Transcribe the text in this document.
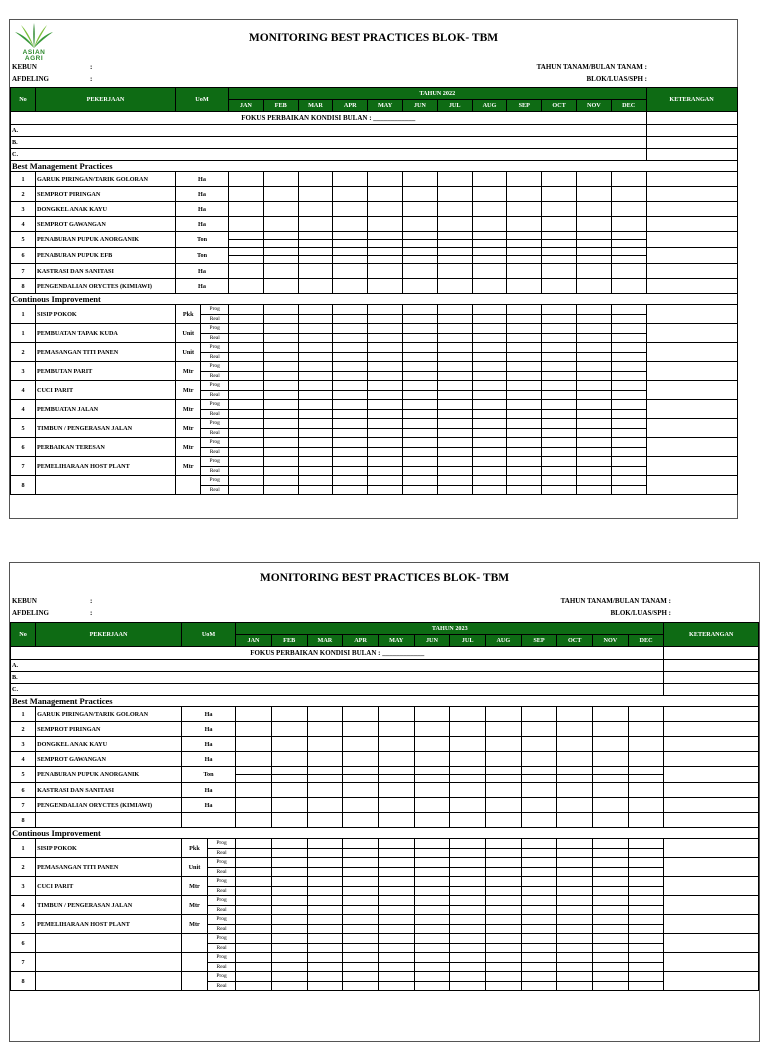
ASIAN
AGRI
MONITORING BEST PRACTICES BLOK- TBM
KEBUN	:
AFDELING	:
TAHUN TANAM/BULAN TANAM :
BLOK/LUAS/SPH :
No	PEKERJAAN	UoM	TAHUN 2022												KETERANGAN
			JAN	FEB	MAR	APR	MAY	JUN	JUL	AUG	SEP	OCT	NOV	DEC	
FOKUS PERBAIKAN KONDISI BULAN : ____________															
A.															
B.															
C.															
Best Management Practices															
1	GARUK PIRINGAN/TARIK GOLORAN	Ha													
2	SEMPROT PIRINGAN	Ha													
3	DONGKEL ANAK KAYU	Ha													
4	SEMPROT GAWANGAN	Ha													
5	PENABURAN PUPUK ANORGANIK	Ton													

6	PENABURAN PUPUK EFB	Ton													

7	KASTRASI DAN SANITASI	Ha													
8	PENGENDALIAN ORYCTES (KIMIAWI)	Ha													
Continous Improvement															
1	SISIP POKOK	Pkk
Prog
Real													

1	PEMBUATAN TAPAK KUDA	Unit
Prog
Real													

2	PEMASANGAN TITI PANEN	Unit
Prog
Real													

3	PEMBUTAN PARIT	Mtr
Prog
Real													

4	CUCI PARIT	Mtr
Prog
Real													

4	PEMBUATAN JALAN	Mtr
Prog
Real													

5	TIMBUN / PENGERASAN JALAN	Mtr
Prog
Real													

6	PERBAIKAN TERESAN	Mtr
Prog
Real													

7	PEMELIHARAAN HOST PLANT	Mtr
Prog
Real													

8		Prog
Real													

MONITORING BEST PRACTICES BLOK- TBM
KEBUN	:
AFDELING	:
TAHUN TANAM/BULAN TANAM :
BLOK/LUAS/SPH :
No	PEKERJAAN	UoM	TAHUN 2023												KETERANGAN
			JAN	FEB	MAR	APR	MAY	JUN	JUL	AUG	SEP	OCT	NOV	DEC	
FOKUS PERBAIKAN KONDISI BULAN : ____________															
A.															
B.															
C.															
Best Management Practices															
1	GARUK PIRINGAN/TARIK GOLORAN	Ha													
2	SEMPROT PIRINGAN	Ha													
3	DONGKEL ANAK KAYU	Ha													
4	SEMPROT GAWANGAN	Ha													
5	PENABURAN PUPUK ANORGANIK	Ton													

6	KASTRASI DAN SANITASI	Ha													
7	PENGENDALIAN ORYCTES (KIMIAWI)	Ha													
8															
Continous Improvement															
1	SISIP POKOK	Pkk
Prog
Real													

2	PEMASANGAN TITI PANEN	Unit
Prog
Real													

3	CUCI PARIT	Mtr
Prog
Real													

4	TIMBUN / PENGERASAN JALAN	Mtr
Prog
Real													

5	PEMELIHARAAN HOST PLANT	Mtr
Prog
Real													

6		Prog
Real													

7		Prog
Real													

8		Prog
Real													
